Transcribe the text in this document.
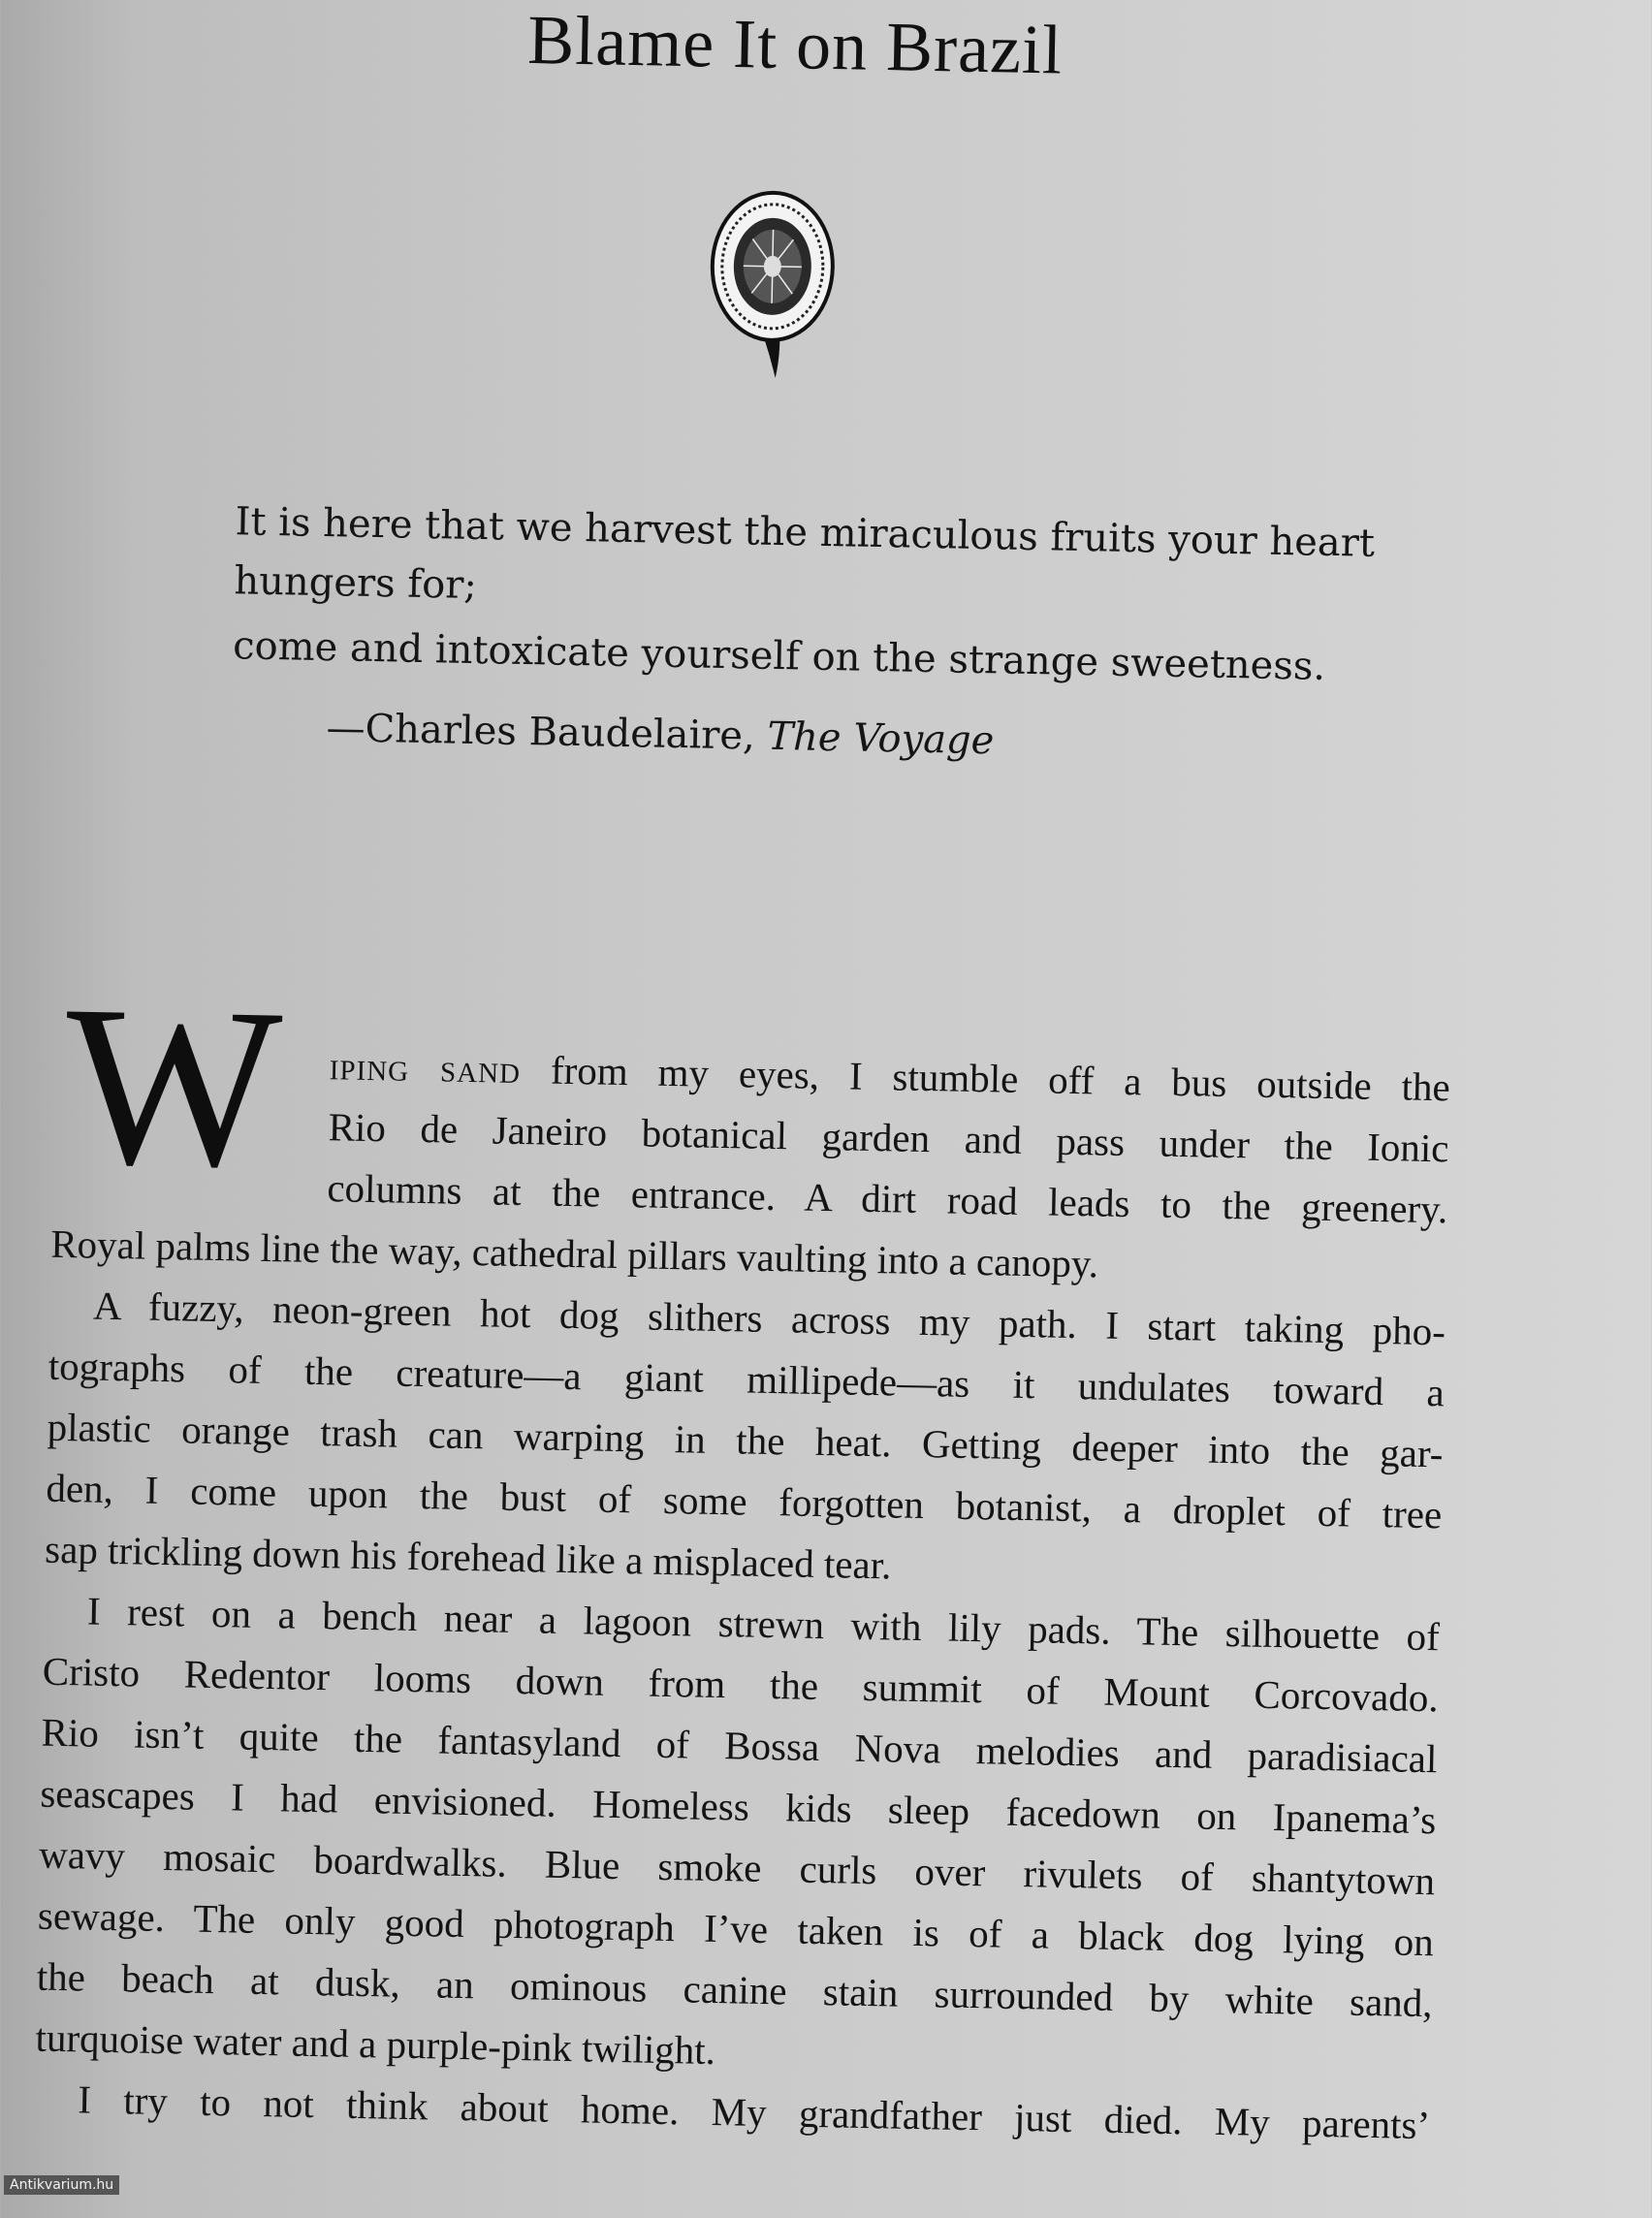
Blame It on Brazil
It is here that we harvest the miraculous fruits your heart
hungers for;
come and intoxicate yourself on the strange sweetness.
—Charles Baudelaire, The Voyage
W	iping sand from my eyes, I stumble off a bus outside the
Rio de Janeiro botanical garden and pass under the Ionic
columns at the entrance. A dirt road leads to the greenery.
Royal palms line the way, cathedral pillars vaulting into a canopy.
A fuzzy, neon-green hot dog slithers across my path. I start taking pho-
tographs of the creature—a giant millipede—as it undulates toward a
plastic orange trash can warping in the heat. Getting deeper into the gar-
den, I come upon the bust of some forgotten botanist, a droplet of tree
sap trickling down his forehead like a misplaced tear.
I rest on a bench near a lagoon strewn with lily pads. The silhouette of
Cristo Redentor looms down from the summit of Mount Corcovado.
Rio isn’t quite the fantasyland of Bossa Nova melodies and paradisiacal
seascapes I had envisioned. Homeless kids sleep facedown on Ipanema’s
wavy mosaic boardwalks. Blue smoke curls over rivulets of shantytown
sewage. The only good photograph I’ve taken is of a black dog lying on
the beach at dusk, an ominous canine stain surrounded by white sand,
turquoise water and a purple-pink twilight.
I try to not think about home. My grandfather just died. My parents’
Antikvarium.hu
